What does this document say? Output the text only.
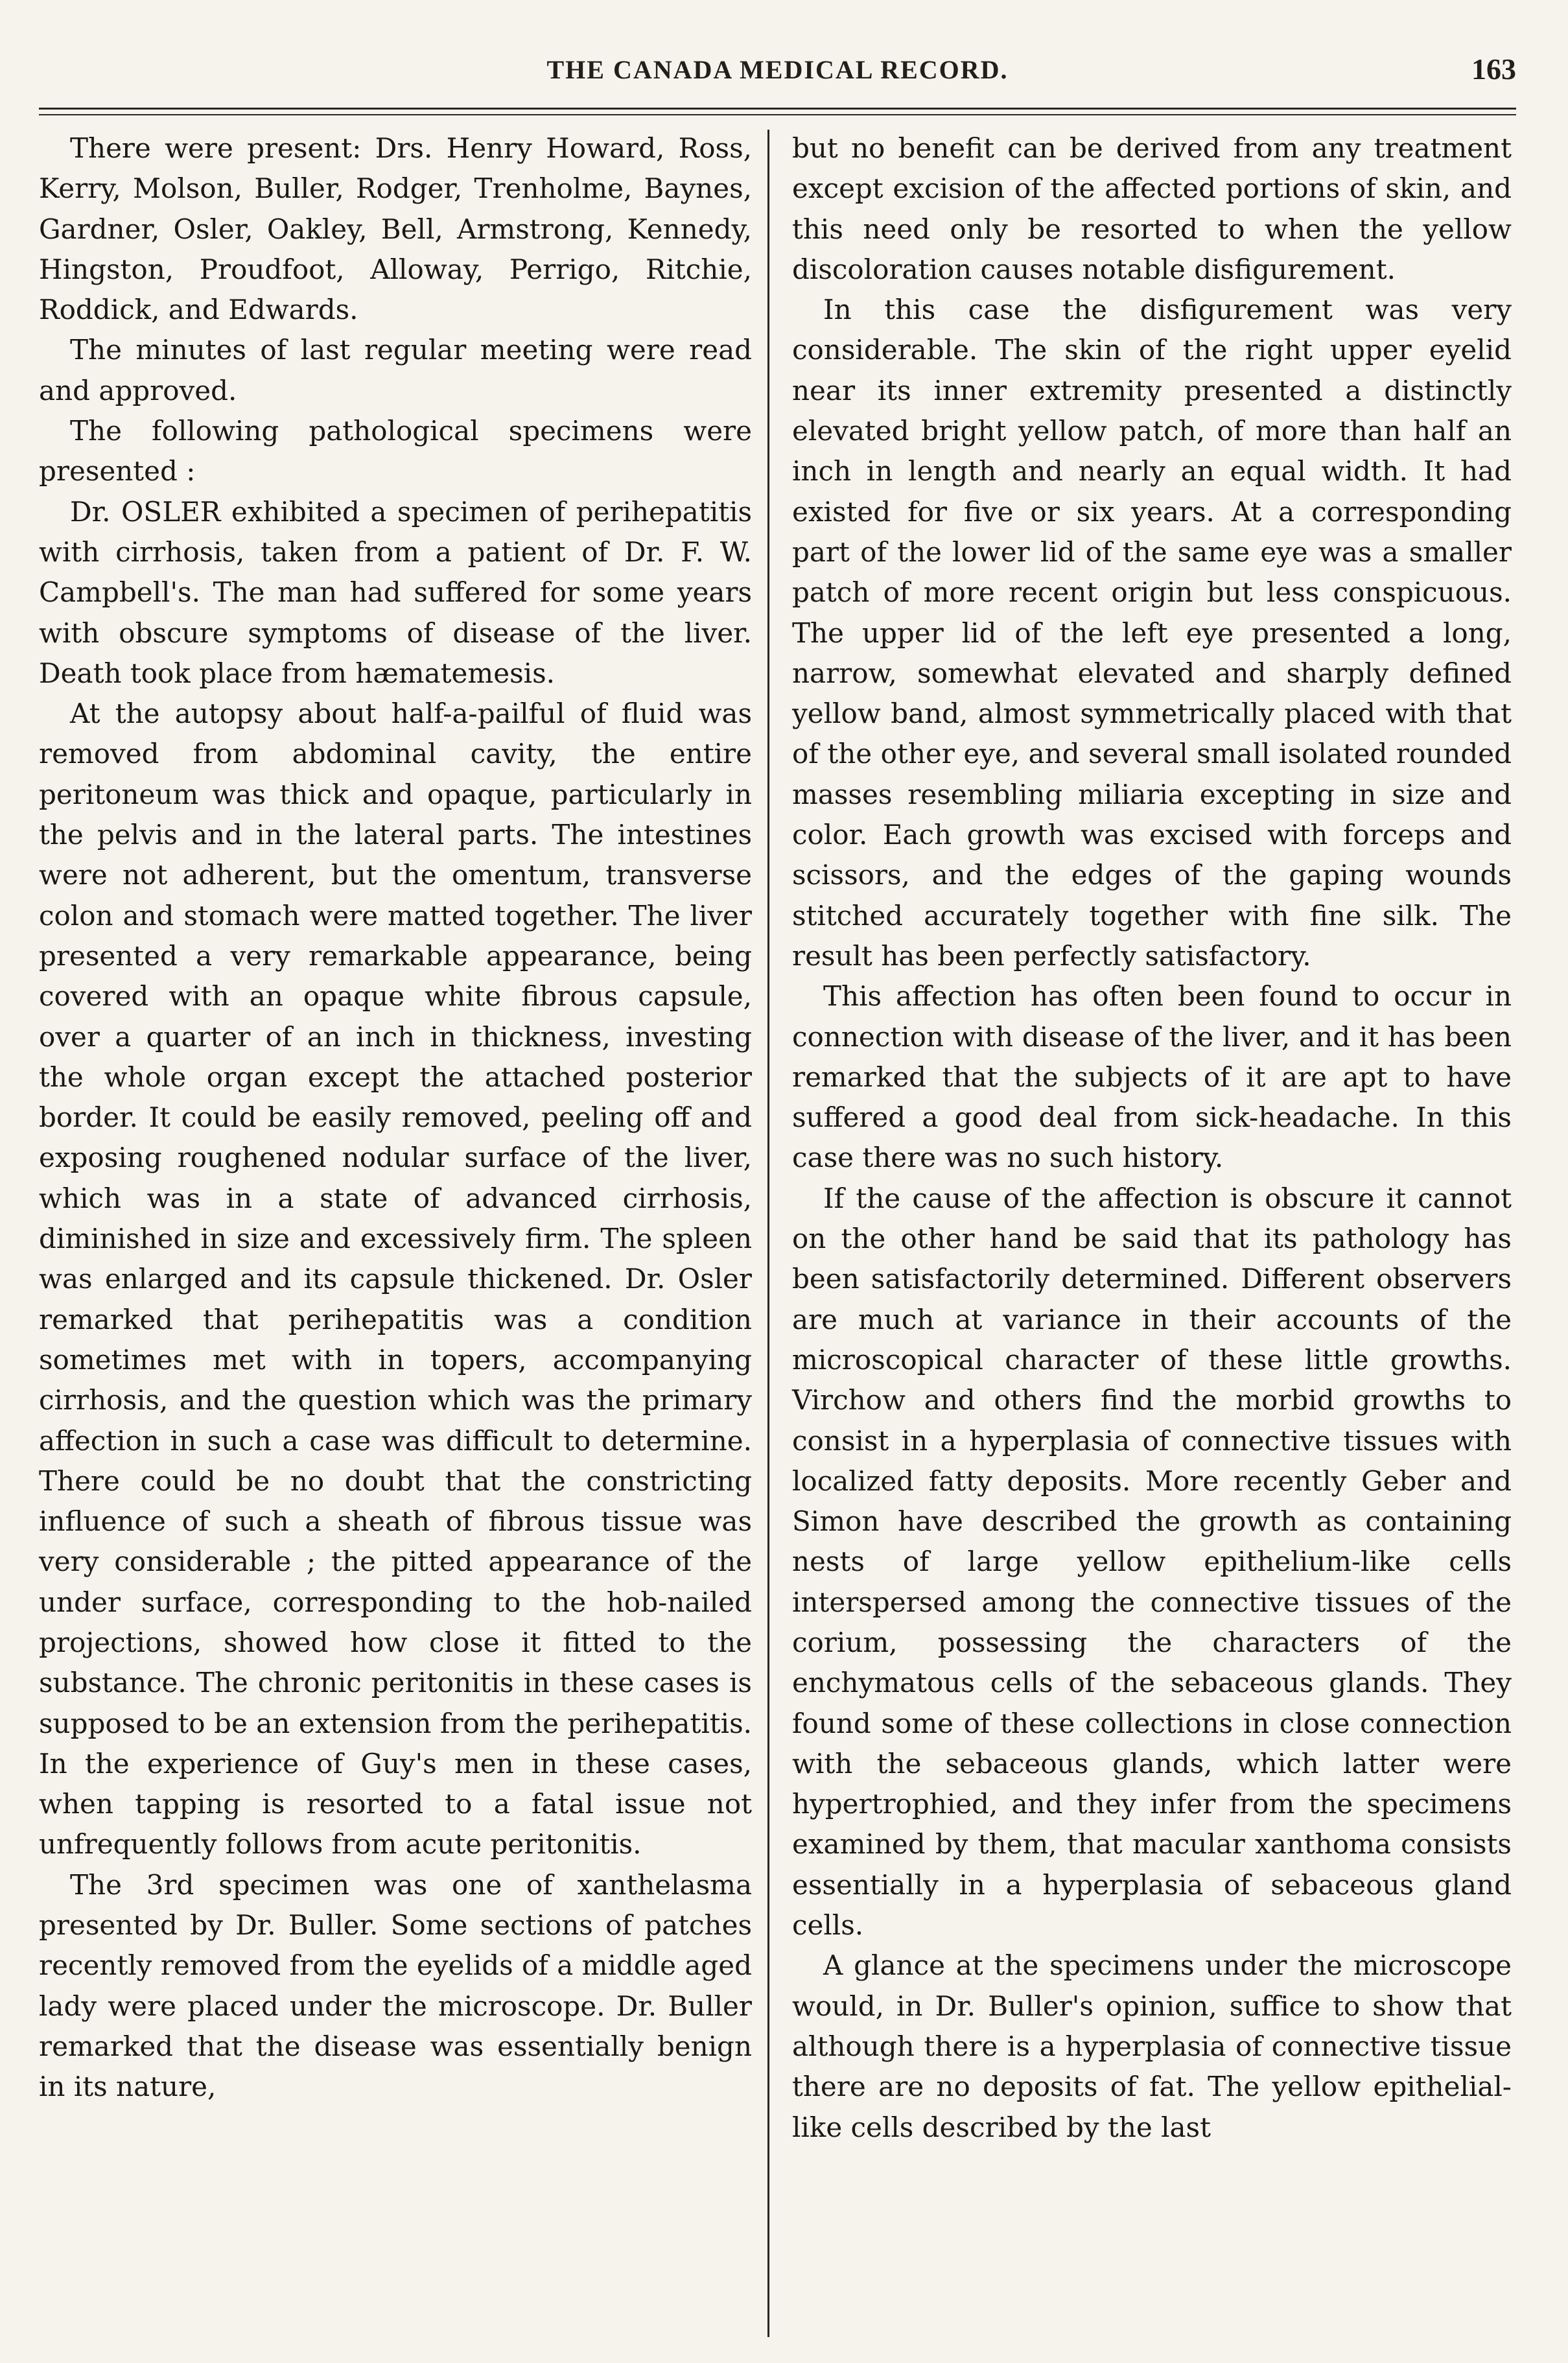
THE CANADA MEDICAL RECORD.	163

There were present: Drs. Henry Howard, Ross, Kerry, Molson, Buller, Rodger, Trenholme, Baynes, Gardner, Osler, Oakley, Bell, Armstrong, Kennedy, Hingston, Proudfoot, Alloway, Perrigo, Ritchie, Roddick, and Edwards.

The minutes of last regular meeting were read and approved.

The following pathological specimens were presented :

Dr. OSLER exhibited a specimen of perihepatitis with cirrhosis, taken from a patient of Dr. F. W. Campbell's. The man had suffered for some years with obscure symptoms of disease of the liver. Death took place from hæmatemesis.

At the autopsy about half-a-pailful of fluid was removed from abdominal cavity, the entire peritoneum was thick and opaque, particularly in the pelvis and in the lateral parts. The intestines were not adherent, but the omentum, transverse colon and stomach were matted together. The liver presented a very remarkable appearance, being covered with an opaque white fibrous capsule, over a quarter of an inch in thickness, investing the whole organ except the attached posterior border. It could be easily removed, peeling off and exposing roughened nodular surface of the liver, which was in a state of advanced cirrhosis, diminished in size and excessively firm. The spleen was enlarged and its capsule thickened. Dr. Osler remarked that perihepatitis was a condition sometimes met with in topers, accompanying cirrhosis, and the question which was the primary affection in such a case was difficult to determine. There could be no doubt that the constricting influence of such a sheath of fibrous tissue was very considerable ; the pitted appearance of the under surface, corresponding to the hob-nailed projections, showed how close it fitted to the substance. The chronic peritonitis in these cases is supposed to be an extension from the perihepatitis. In the experience of Guy's men in these cases, when tapping is resorted to a fatal issue not unfrequently follows from acute peritonitis.

The 3rd specimen was one of xanthelasma presented by Dr. Buller. Some sections of patches recently removed from the eyelids of a middle aged lady were placed under the microscope. Dr. Buller remarked that the disease was essentially benign in its nature,

but no benefit can be derived from any treatment except excision of the affected portions of skin, and this need only be resorted to when the yellow discoloration causes notable disfigurement.

In this case the disfigurement was very considerable. The skin of the right upper eyelid near its inner extremity presented a distinctly elevated bright yellow patch, of more than half an inch in length and nearly an equal width. It had existed for five or six years. At a corresponding part of the lower lid of the same eye was a smaller patch of more recent origin but less conspicuous. The upper lid of the left eye presented a long, narrow, somewhat elevated and sharply defined yellow band, almost symmetrically placed with that of the other eye, and several small isolated rounded masses resembling miliaria excepting in size and color. Each growth was excised with forceps and scissors, and the edges of the gaping wounds stitched accurately together with fine silk. The result has been perfectly satisfactory.

This affection has often been found to occur in connection with disease of the liver, and it has been remarked that the subjects of it are apt to have suffered a good deal from sick-headache. In this case there was no such history.

If the cause of the affection is obscure it cannot on the other hand be said that its pathology has been satisfactorily determined. Different observers are much at variance in their accounts of the microscopical character of these little growths. Virchow and others find the morbid growths to consist in a hyperplasia of connective tissues with localized fatty deposits. More recently Geber and Simon have described the growth as containing nests of large yellow epithelium-like cells interspersed among the connective tissues of the corium, possessing the characters of the enchymatous cells of the sebaceous glands. They found some of these collections in close connection with the sebaceous glands, which latter were hypertrophied, and they infer from the specimens examined by them, that macular xanthoma consists essentially in a hyperplasia of sebaceous gland cells.

A glance at the specimens under the microscope would, in Dr. Buller's opinion, suffice to show that although there is a hyperplasia of connective tissue there are no deposits of fat. The yellow epithelial-like cells described by the last
